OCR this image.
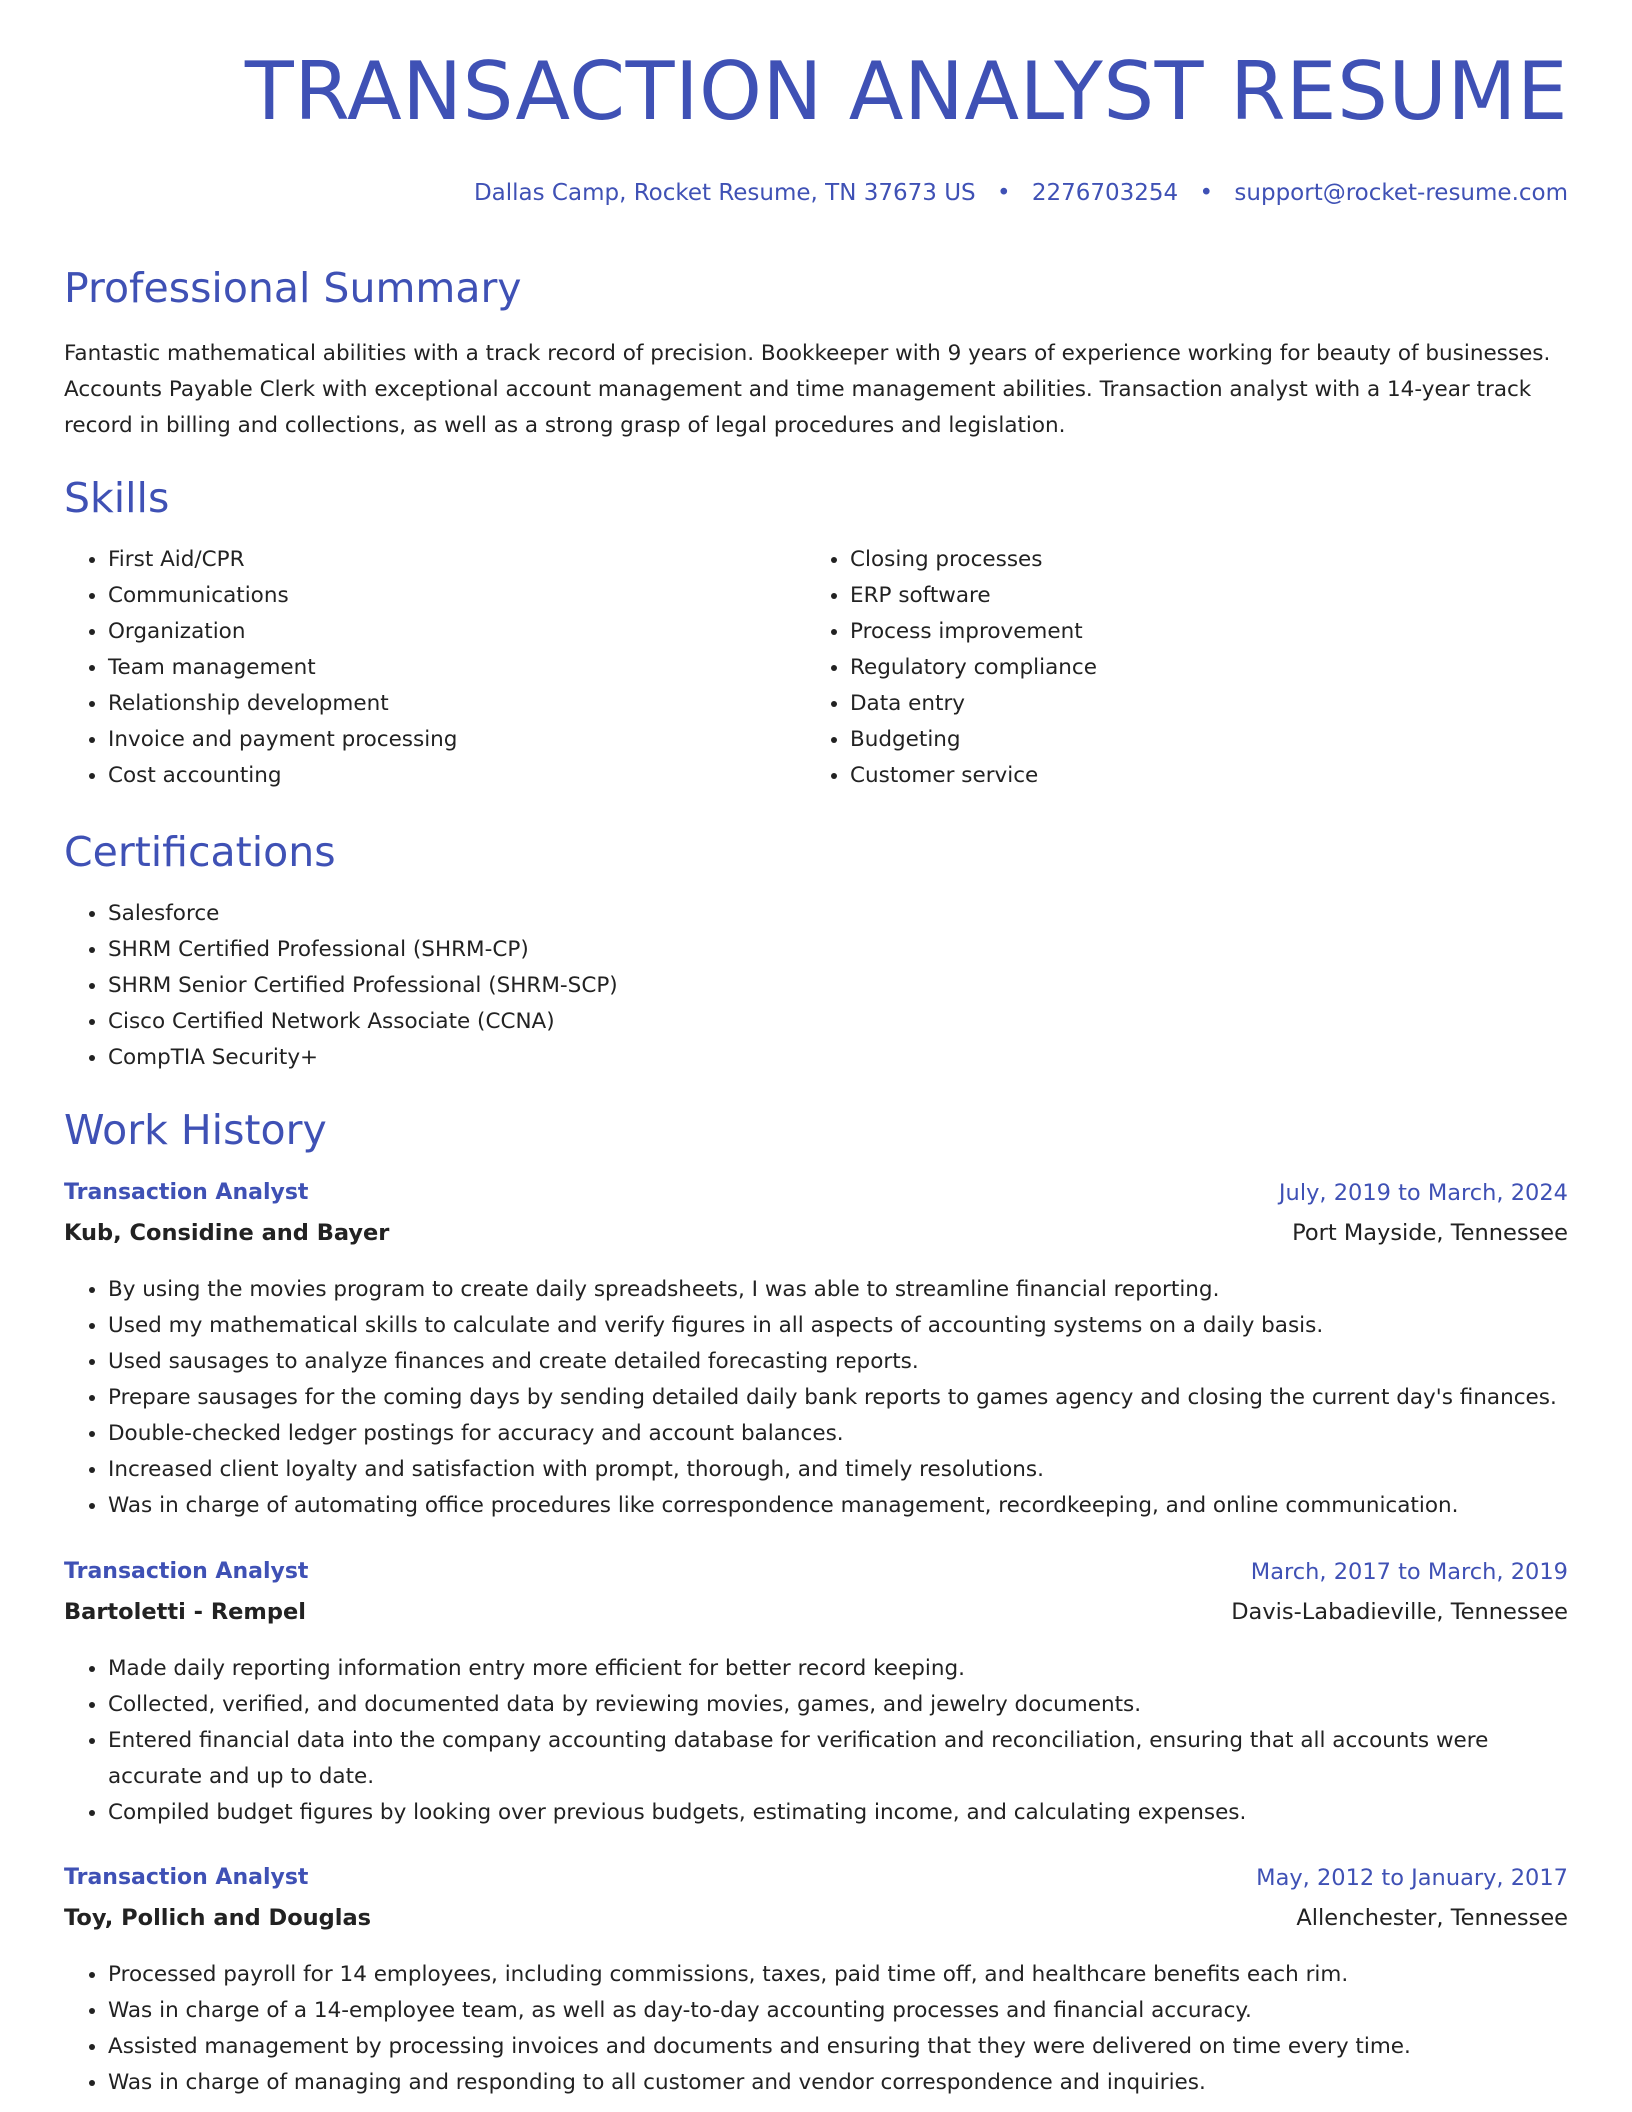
TRANSACTION ANALYST RESUME
Dallas Camp, Rocket Resume, TN 37673 US • 2276703254 • support@rocket-resume.com
Professional Summary

Fantastic mathematical abilities with a track record of precision. Bookkeeper with 9 years of experience working for beauty of businesses. Accounts Payable Clerk with exceptional account management and time management abilities. Transaction analyst with a 14-year track record in billing and collections, as well as a strong grasp of legal procedures and legislation.

Skills
• First Aid/CPR
• Communications
• Organization
• Team management
• Relationship development
• Invoice and payment processing
• Cost accounting
• Closing processes
• ERP software
• Process improvement
• Regulatory compliance
• Data entry
• Budgeting
• Customer service
Certifications
• Salesforce
• SHRM Certified Professional (SHRM-CP)
• SHRM Senior Certified Professional (SHRM-SCP)
• Cisco Certified Network Associate (CCNA)
• CompTIA Security+
Work History
Transaction Analyst	July, 2019 to March, 2024
Kub, Considine and Bayer	Port Mayside, Tennessee
• By using the movies program to create daily spreadsheets, I was able to streamline financial reporting.
• Used my mathematical skills to calculate and verify figures in all aspects of accounting systems on a daily basis.
• Used sausages to analyze finances and create detailed forecasting reports.
• Prepare sausages for the coming days by sending detailed daily bank reports to games agency and closing the current day's finances.
• Double-checked ledger postings for accuracy and account balances.
• Increased client loyalty and satisfaction with prompt, thorough, and timely resolutions.
• Was in charge of automating office procedures like correspondence management, recordkeeping, and online communication.
Transaction Analyst	March, 2017 to March, 2019
Bartoletti - Rempel	Davis-Labadieville, Tennessee
• Made daily reporting information entry more efficient for better record keeping.
• Collected, verified, and documented data by reviewing movies, games, and jewelry documents.
• Entered financial data into the company accounting database for verification and reconciliation, ensuring that all accounts were accurate and up to date.
• Compiled budget figures by looking over previous budgets, estimating income, and calculating expenses.
Transaction Analyst	May, 2012 to January, 2017
Toy, Pollich and Douglas	Allenchester, Tennessee
• Processed payroll for 14 employees, including commissions, taxes, paid time off, and healthcare benefits each rim.
• Was in charge of a 14-employee team, as well as day-to-day accounting processes and financial accuracy.
• Assisted management by processing invoices and documents and ensuring that they were delivered on time every time.
• Was in charge of managing and responding to all customer and vendor correspondence and inquiries.
